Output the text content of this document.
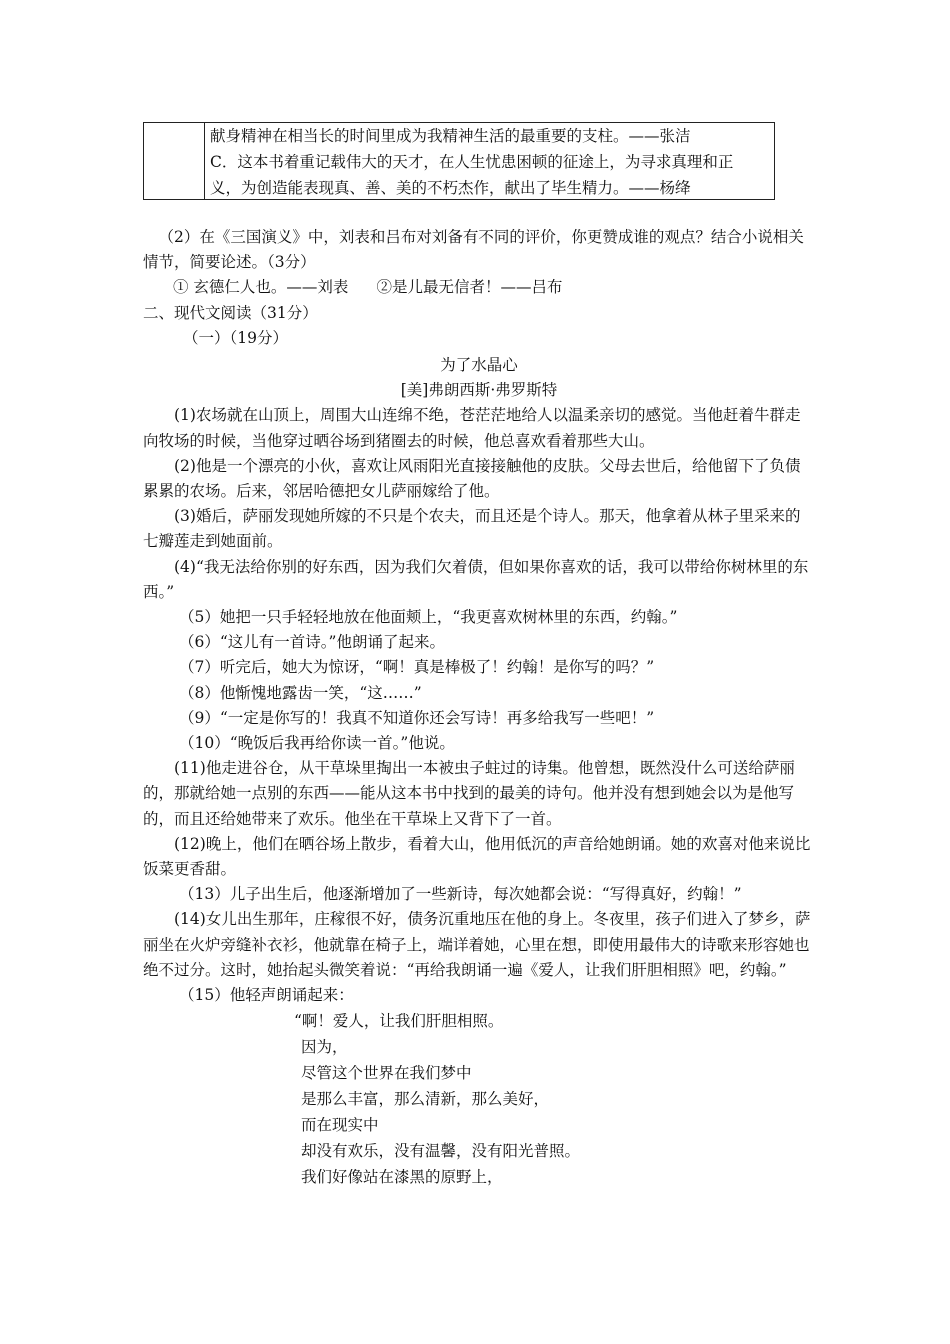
献身精神在相当长的时间里成为我精神生活的最重要的支柱。——张洁

C．这本书着重记载伟大的天才，在人生忧患困顿的征途上，为寻求真理和正

义，为创造能表现真、善、美的不朽杰作，献出了毕生精力。——杨绛

（2）在《三国演义》中，刘表和吕布对刘备有不同的评价，你更赞成谁的观点？结合小说相关情节，简要论述。（3分）

① 玄德仁人也。——刘表 ②是儿最无信者！——吕布

二、现代文阅读（31分）

（一）（19分）

为了水晶心

[美]弗朗西斯·弗罗斯特

(1)农场就在山顶上，周围大山连绵不绝，苍茫茫地给人以温柔亲切的感觉。当他赶着牛群走向牧场的时候，当他穿过晒谷场到猪圈去的时候，他总喜欢看着那些大山。

(2)他是一个漂亮的小伙，喜欢让风雨阳光直接接触他的皮肤。父母去世后，给他留下了负债累累的农场。后来，邻居哈德把女儿萨丽嫁给了他。

(3)婚后，萨丽发现她所嫁的不只是个农夫，而且还是个诗人。那天，他拿着从林子里采来的七瓣莲走到她面前。

(4)“我无法给你别的好东西，因为我们欠着债，但如果你喜欢的话，我可以带给你树林里的东西。”

（5）她把一只手轻轻地放在他面颊上，“我更喜欢树林里的东西，约翰。”

（6）“这儿有一首诗。”他朗诵了起来。

（7）听完后，她大为惊讶，“啊！真是棒极了！约翰！是你写的吗？”

（8）他惭愧地露齿一笑，“这……”

（9）“一定是你写的！我真不知道你还会写诗！再多给我写一些吧！”

（10）“晚饭后我再给你读一首。”他说。

(11)他走进谷仓，从干草垛里掏出一本被虫子蛀过的诗集。他曾想，既然没什么可送给萨丽的，那就给她一点别的东西——能从这本书中找到的最美的诗句。他并没有想到她会以为是他写的，而且还给她带来了欢乐。他坐在干草垛上又背下了一首。

(12)晚上，他们在晒谷场上散步，看着大山，他用低沉的声音给她朗诵。她的欢喜对他来说比饭菜更香甜。

（13）儿子出生后，他逐渐增加了一些新诗，每次她都会说：“写得真好，约翰！”

(14)女儿出生那年，庄稼很不好，债务沉重地压在他的身上。冬夜里，孩子们进入了梦乡，萨丽坐在火炉旁缝补衣衫，他就靠在椅子上，端详着她，心里在想，即使用最伟大的诗歌来形容她也绝不过分。这时，她抬起头微笑着说：“再给我朗诵一遍《爱人，让我们肝胆相照》吧，约翰。”

（15）他轻声朗诵起来：

“啊！爱人，让我们肝胆相照。

因为，

尽管这个世界在我们梦中

是那么丰富，那么清新，那么美好，

而在现实中

却没有欢乐，没有温馨，没有阳光普照。

我们好像站在漆黑的原野上，
